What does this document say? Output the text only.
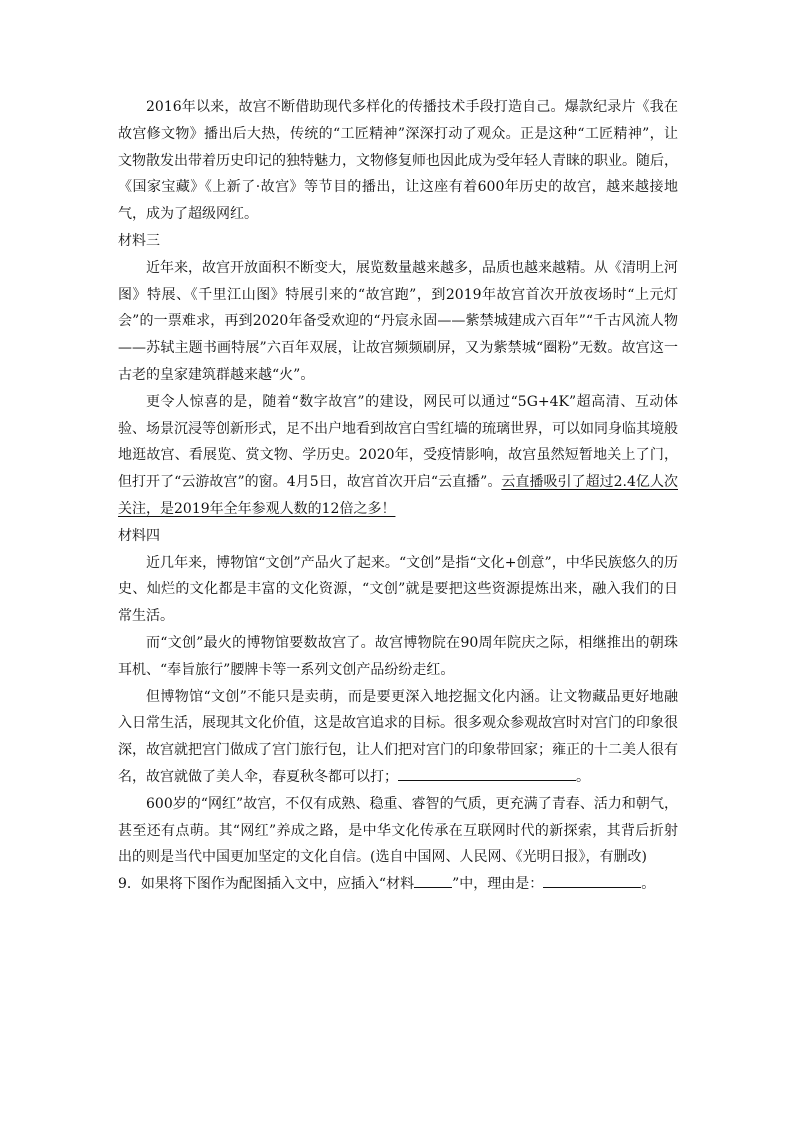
2016年以来，故宫不断借助现代多样化的传播技术手段打造自己。爆款纪录片《我在故宫修文物》播出后大热，传统的“工匠精神”深深打动了观众。正是这种“工匠精神”，让文物散发出带着历史印记的独特魅力，文物修复师也因此成为受年轻人青睐的职业。随后，《国家宝藏》《上新了·故宫》等节目的播出，让这座有着600年历史的故宫，越来越接地气，成为了超级网红。

材料三

近年来，故宫开放面积不断变大，展览数量越来越多，品质也越来越精。从《清明上河图》特展、《千里江山图》特展引来的“故宫跑”，到2019年故宫首次开放夜场时“上元灯会”的一票难求，再到2020年备受欢迎的“丹宸永固——紫禁城建成六百年”“千古风流人物——苏轼主题书画特展”六百年双展，让故宫频频刷屏，又为紫禁城“圈粉”无数。故宫这一古老的皇家建筑群越来越“火”。

更令人惊喜的是，随着“数字故宫”的建设，网民可以通过“5G+4K”超高清、互动体验、场景沉浸等创新形式，足不出户地看到故宫白雪红墙的琉璃世界，可以如同身临其境般地逛故宫、看展览、赏文物、学历史。2020年，受疫情影响，故宫虽然短暂地关上了门，但打开了“云游故宫”的窗。4月5日，故宫首次开启“云直播”。云直播吸引了超过2.4亿人次关注，是2019年全年参观人数的12倍之多！

材料四

近几年来，博物馆“文创”产品火了起来。“文创”是指“文化+创意”，中华民族悠久的历史、灿烂的文化都是丰富的文化资源，“文创”就是要把这些资源提炼出来，融入我们的日常生活。

而“文创”最火的博物馆要数故宫了。故宫博物院在90周年院庆之际，相继推出的朝珠耳机、“奉旨旅行”腰牌卡等一系列文创产品纷纷走红。

但博物馆“文创”不能只是卖萌，而是要更深入地挖掘文化内涵。让文物藏品更好地融入日常生活，展现其文化价值，这是故宫追求的目标。很多观众参观故宫时对宫门的印象很深，故宫就把宫门做成了宫门旅行包，让人们把对宫门的印象带回家；雍正的十二美人很有名，故宫就做了美人伞，春夏秋冬都可以打；	。

600岁的“网红”故宫，不仅有成熟、稳重、睿智的气质，更充满了青春、活力和朝气，甚至还有点萌。其“网红”养成之路，是中华文化传承在互联网时代的新探索，其背后折射出的则是当代中国更加坚定的文化自信。(选自中国网、人民网、《光明日报》，有删改)

9．如果将下图作为配图插入文中，应插入“材料	”中，理由是：	。
